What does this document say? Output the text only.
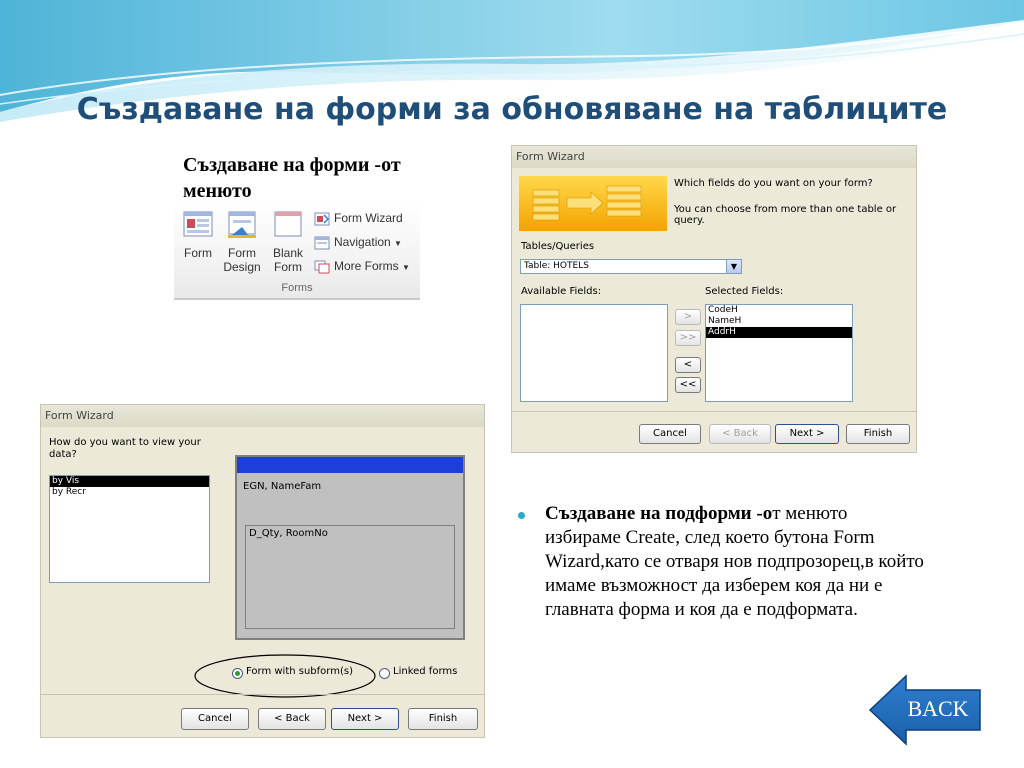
Създаване на форми за обновяване на таблиците
Създаване на форми -от менюто
Form	Form
Design
Blank
Form
Form Wizard
Navigation ▼
More Forms ▼
Forms
Form Wizard
Which fields do you want on your form?
You can choose from more than one table or query.
Tables/Queries
Table: HOTELS	▼
Available Fields:	Selected Fields:
>
>>
<
<<
CodeH
NameH
AddrH
Cancel	< Back	Next >	Finish
Form Wizard
How do you want to view your data?
by Vis
by Recr	EGN, NameFam
D_Qty, RoomNo
Form with subform(s)	Linked forms
Cancel	< Back	Next >	Finish
Създаване на подформи -от менюто избираме Create, след което бутона Form Wizard,като се отваря нов подпрозорец,в който имаме възможност да изберем коя да ни е главната форма и коя да е подформата.
BACK
